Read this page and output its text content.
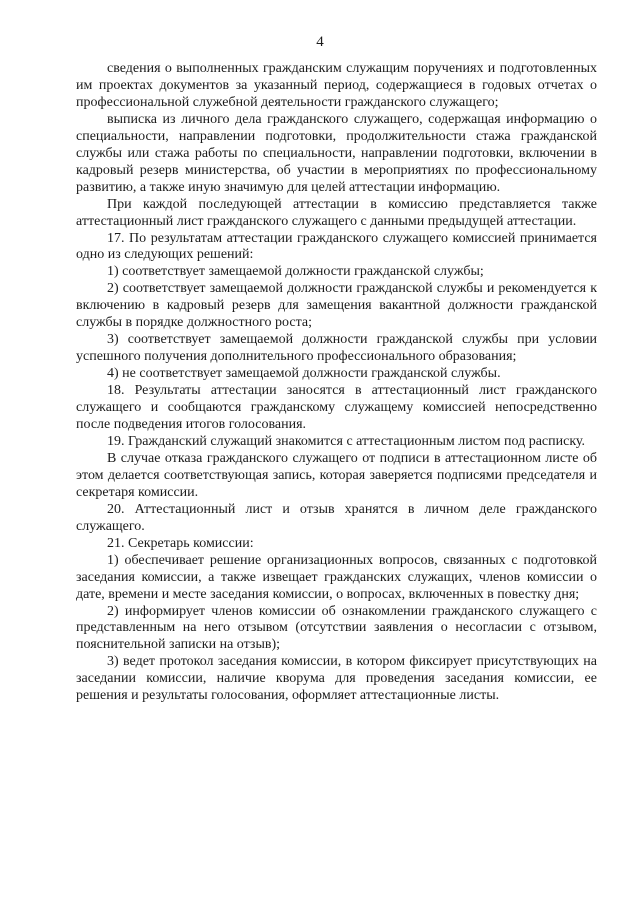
4

сведения о выполненных гражданским служащим поручениях и подготовленных им проектах документов за указанный период, содержащиеся в годовых отчетах о профессиональной служебной деятельности гражданского служащего;

выписка из личного дела гражданского служащего, содержащая информацию о специальности, направлении подготовки, продолжительности стажа гражданской службы или стажа работы по специальности, направлении подготовки, включении в кадровый резерв министерства, об участии в мероприятиях по профессиональному развитию, а также иную значимую для целей аттестации информацию.

При каждой последующей аттестации в комиссию представляется также аттестационный лист гражданского служащего с данными предыдущей аттестации.

17. По результатам аттестации гражданского служащего комиссией принимается одно из следующих решений:

1) соответствует замещаемой должности гражданской службы;

2) соответствует замещаемой должности гражданской службы и рекомендуется к включению в кадровый резерв для замещения вакантной должности гражданской службы в порядке должностного роста;

3) соответствует замещаемой должности гражданской службы при условии успешного получения дополнительного профессионального образования;

4) не соответствует замещаемой должности гражданской службы.

18. Результаты аттестации заносятся в аттестационный лист гражданского служащего и сообщаются гражданскому служащему комиссией непосредственно после подведения итогов голосования.

19. Гражданский служащий знакомится с аттестационным листом под расписку.

В случае отказа гражданского служащего от подписи в аттестационном листе об этом делается соответствующая запись, которая заверяется подписями председателя и секретаря комиссии.

20. Аттестационный лист и отзыв хранятся в личном деле гражданского служащего.

21. Секретарь комиссии:

1) обеспечивает решение организационных вопросов, связанных с подготовкой заседания комиссии, а также извещает гражданских служащих, членов комиссии о дате, времени и месте заседания комиссии, о вопросах, включенных в повестку дня;

2) информирует членов комиссии об ознакомлении гражданского служащего с представленным на него отзывом (отсутствии заявления о несогласии с отзывом, пояснительной записки на отзыв);

3) ведет протокол заседания комиссии, в котором фиксирует присутствующих на заседании комиссии, наличие кворума для проведения заседания комиссии, ее решения и результаты голосования, оформляет аттестационные листы.
